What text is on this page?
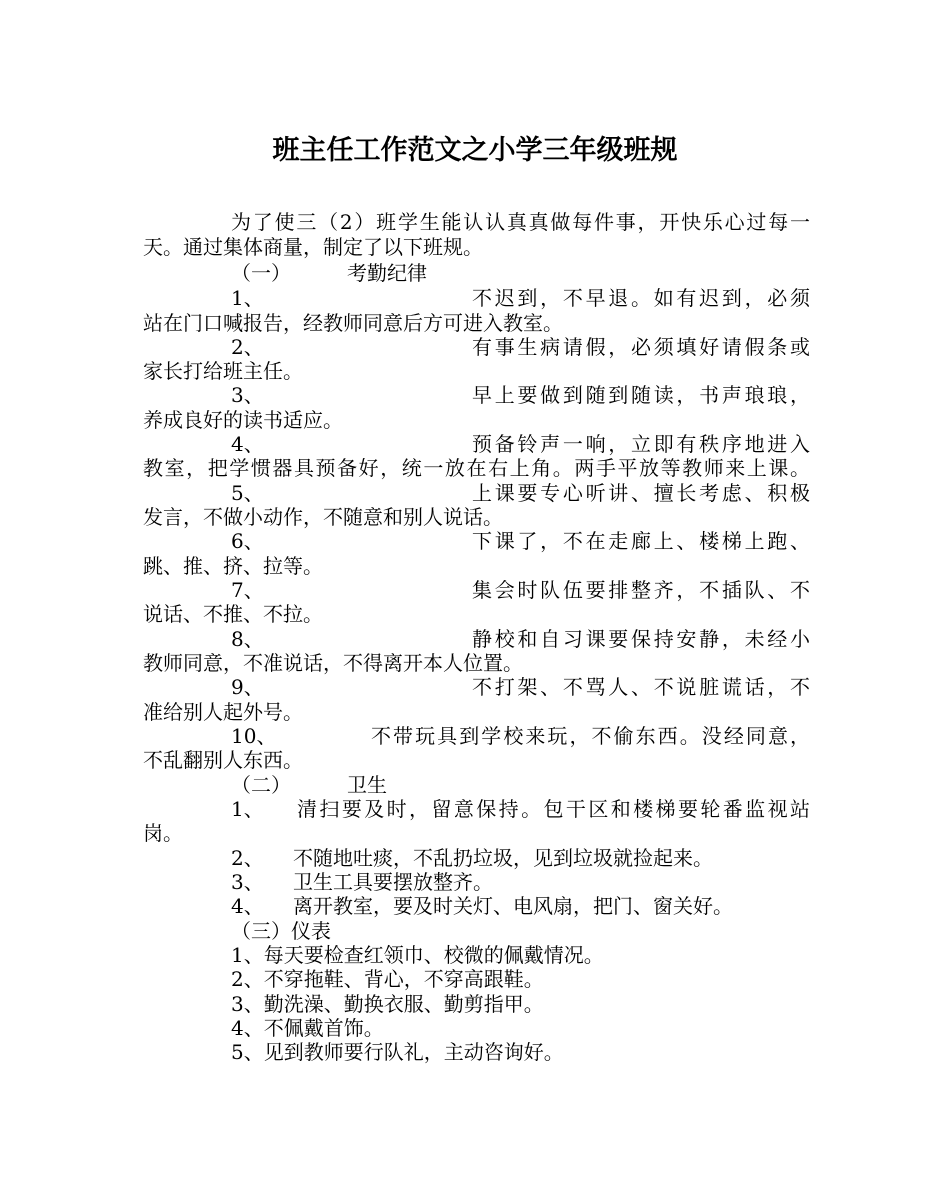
班主任工作范文之小学三年级班规
为了使三（2）班学生能认认真真做每件事，开快乐心过每一
天。通过集体商量，制定了以下班规。
（一）	考勤纪律
1、	不迟到，不早退。如有迟到，必须
站在门口喊报告，经教师同意后方可进入教室。
2、	有事生病请假，必须填好请假条或
家长打给班主任。
3、	早上要做到随到随读，书声琅琅，
养成良好的读书适应。
4、	预备铃声一响，立即有秩序地进入
教室，把学惯器具预备好，统一放在右上角。两手平放等教师来上课。
5、	上课要专心听讲、擅长考虑、积极
发言，不做小动作，不随意和别人说话。
6、	下课了，不在走廊上、楼梯上跑、
跳、推、挤、拉等。
7、	集会时队伍要排整齐，不插队、不
说话、不推、不拉。
8、	静校和自习课要保持安静，未经小
教师同意，不准说话，不得离开本人位置。
9、	不打架、不骂人、不说脏谎话，不
准给别人起外号。
10、	不带玩具到学校来玩，不偷东西。没经同意，
不乱翻别人东西。
（二）	卫生
1、 清扫要及时，留意保持。包干区和楼梯要轮番监视站
岗。
2、 不随地吐痰，不乱扔垃圾，见到垃圾就捡起来。
3、 卫生工具要摆放整齐。
4、 离开教室，要及时关灯、电风扇，把门、窗关好。
（三）仪表
1、每天要检查红领巾、校微的佩戴情况。
2、不穿拖鞋、背心，不穿高跟鞋。
3、勤洗澡、勤换衣服、勤剪指甲。
4、不佩戴首饰。
5、见到教师要行队礼，主动咨询好。
